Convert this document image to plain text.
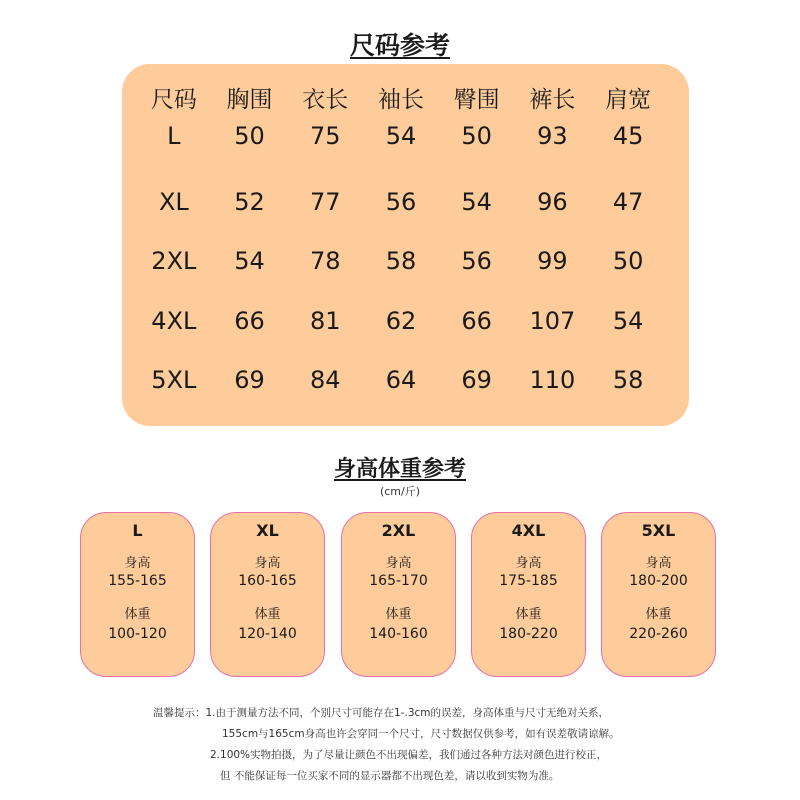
尺码参考
尺码	胸围	衣长	袖长	臀围	裤长	肩宽
L	50	75	54	50	93	45
XL	52	77	56	54	96	47
2XL	54	78	58	56	99	50
4XL	66	81	62	66	107	54
5XL	69	84	64	69	110	58
身高体重参考
(cm/斤)
L
身高
155-165
体重
100-120
XL
身高
160-165
体重
120-140
2XL
身高
165-170
体重
140-160
4XL
身高
175-185
体重
180-220
5XL
身高
180-200
体重
220-260
温馨提示：1.由于测量方法不同，个别尺寸可能存在1-.3cm的误差，身高体重与尺寸无绝对关系，
155cm与165cm身高也许会穿同一个尺寸，尺寸数据仅供参考，如有误差敬请谅解。
2.100%实物拍摄，为了尽量让颜色不出现偏差，我们通过各种方法对颜色进行校正，
但 不能保证每一位买家不同的显示器都不出现色差，请以收到实物为准。
